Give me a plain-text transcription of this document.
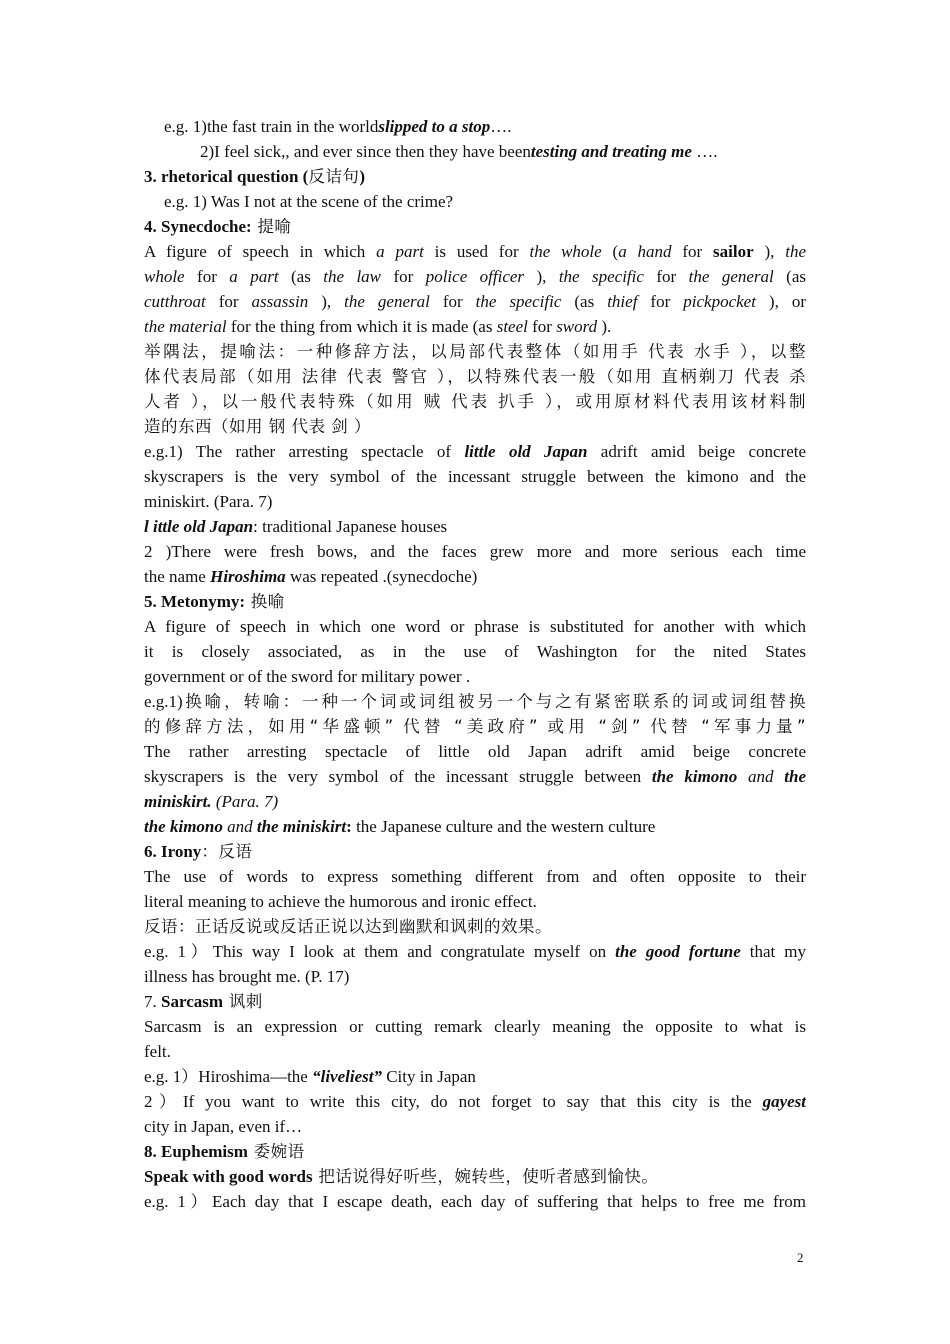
e.g. 1)the fast train in the worldslipped to a stop….
2)I feel sick,, and ever since then they have beentesting and treating me ….
3. rhetorical question (反诘句)
e.g. 1) Was I not at the scene of the crime?
4. Synecdoche: 提喻
A figure of speech in which a part is used for the whole (a hand for sailor ), the
whole for a part (as the law for police officer ), the specific for the general (as
cutthroat for assassin ), the general for the specific (as thief for pickpocket ), or
the material for the thing from which it is made (as steel for sword ).
举隅法，提喻法：一种修辞方法，以局部代表整体（如用手 代表 水手 ），以整
体代表局部（如用 法律 代表 警官 ），以特殊代表一般（如用 直柄剃刀 代表 杀
人者 ），以一般代表特殊（如用 贼 代表 扒手 ），或用原材料代表用该材料制
造的东西（如用 钢 代表 剑 ）
e.g.1) The rather arresting spectacle of little old Japan adrift amid beige concrete
skyscrapers is the very symbol of the incessant struggle between the kimono and the
miniskirt. (Para. 7)
l ittle old Japan: traditional Japanese houses
2 )There were fresh bows, and the faces grew more and more serious each time
the name Hiroshima was repeated .(synecdoche)
5. Metonymy: 换喻
A figure of speech in which one word or phrase is substituted for another with which
it is closely associated, as in the use of Washington for the nited States
government or of the sword for military power .
e.g.1)换喻，转喻：一种一个词或词组被另一个与之有紧密联系的词或词组替换
的修辞方法，如用“华盛顿” 代替 “美政府” 或用 “剑” 代替 “军事力量”
The rather arresting spectacle of little old Japan adrift amid beige concrete
skyscrapers is the very symbol of the incessant struggle between the kimono and the
miniskirt. (Para. 7)
the kimono and the miniskirt: the Japanese culture and the western culture
6. Irony：反语
The use of words to express something different from and often opposite to their
literal meaning to achieve the humorous and ironic effect.
反语：正话反说或反话正说以达到幽默和讽刺的效果。
e.g. 1）This way I look at them and congratulate myself on the good fortune that my
illness has brought me. (P. 17)
7. Sarcasm 讽刺
Sarcasm is an expression or cutting remark clearly meaning the opposite to what is
felt.
e.g. 1）Hiroshima—the “liveliest” City in Japan
2）If you want to write this city, do not forget to say that this city is the gayest
city in Japan, even if…
8. Euphemism 委婉语
Speak with good words 把话说得好听些，婉转些，使听者感到愉快。
e.g. 1）Each day that I escape death, each day of suffering that helps to free me from
2
